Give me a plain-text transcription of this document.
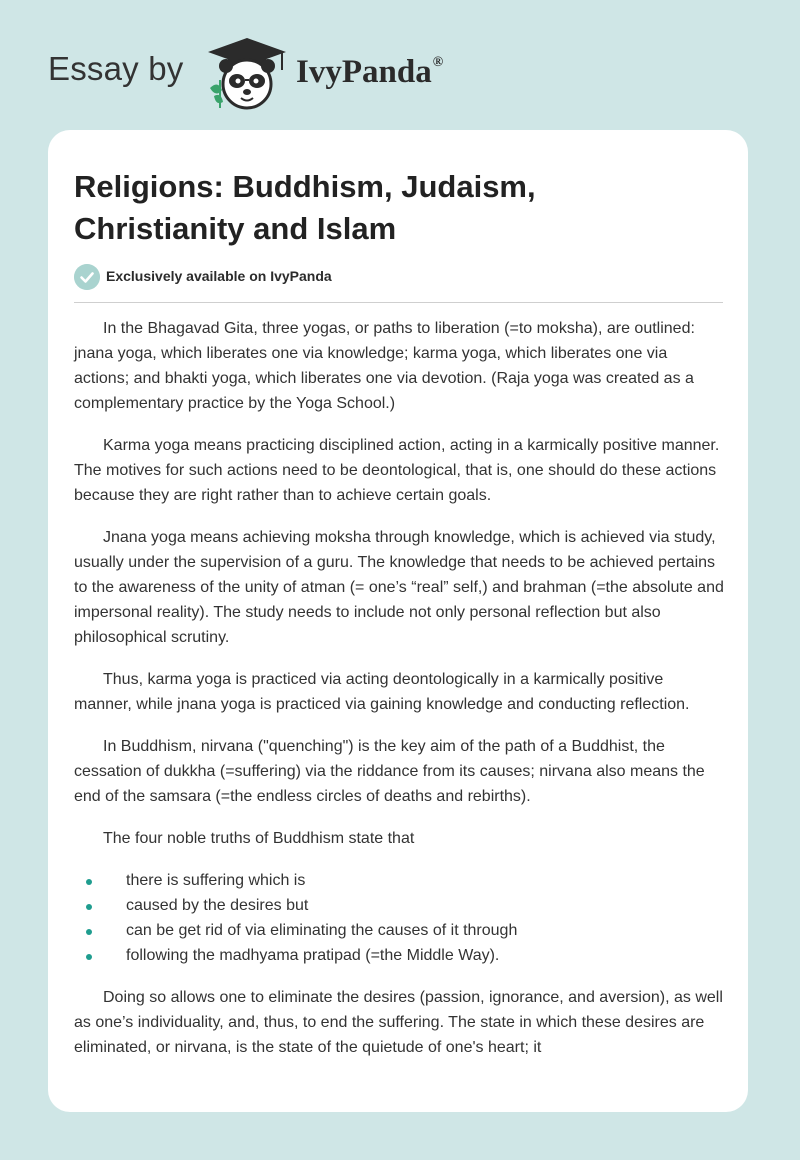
Essay by	IvyPanda®
Religions: Buddhism, Judaism, Christianity and Islam
Exclusively available on IvyPanda

In the Bhagavad Gita, three yogas, or paths to liberation (=to moksha), are outlined: jnana yoga, which liberates one via knowledge; karma yoga, which liberates one via actions; and bhakti yoga, which liberates one via devotion. (Raja yoga was created as a complementary practice by the Yoga School.)

Karma yoga means practicing disciplined action, acting in a karmically positive manner. The motives for such actions need to be deontological, that is, one should do these actions because they are right rather than to achieve certain goals.

Jnana yoga means achieving moksha through knowledge, which is achieved via study, usually under the supervision of a guru. The knowledge that needs to be achieved pertains to the awareness of the unity of atman (= one’s “real” self,) and brahman (=the absolute and impersonal reality). The study needs to include not only personal reflection but also philosophical scrutiny.

Thus, karma yoga is practiced via acting deontologically in a karmically positive manner, while jnana yoga is practiced via gaining knowledge and conducting reflection.

In Buddhism, nirvana ("quenching") is the key aim of the path of a Buddhist, the cessation of dukkha (=suffering) via the riddance from its causes; nirvana also means the end of the samsara (=the endless circles of deaths and rebirths).

The four noble truths of Buddhism state that

there is suffering which is
caused by the desires but
can be get rid of via eliminating the causes of it through
following the madhyama pratipad (=the Middle Way).

Doing so allows one to eliminate the desires (passion, ignorance, and aversion), as well as one’s individuality, and, thus, to end the suffering. The state in which these desires are eliminated, or nirvana, is the state of the quietude of one's heart; it
